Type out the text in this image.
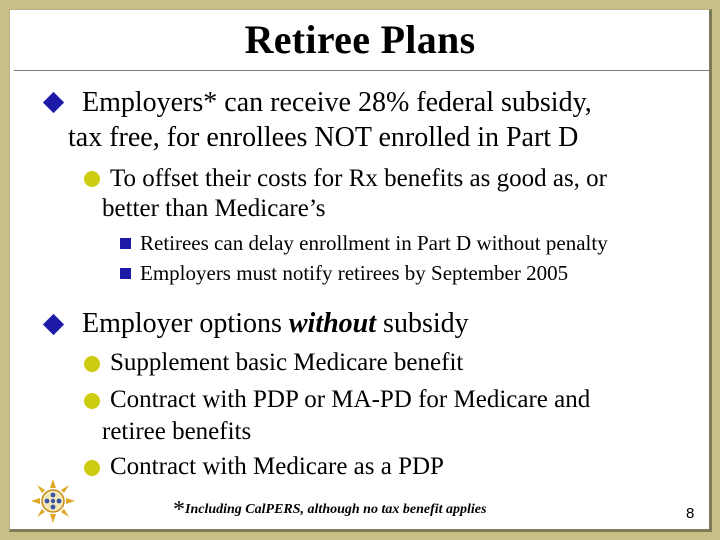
Retiree Plans
Employers* can receive 28% federal subsidy,
tax free, for enrollees NOT enrolled in Part D
To offset their costs for Rx benefits as good as, or
better than Medicare’s
Retirees can delay enrollment in Part D without penalty
Employers must notify retirees by September 2005
Employer options without subsidy
Supplement basic Medicare benefit
Contract with PDP or MA-PD for Medicare and
retiree benefits
Contract with Medicare as a PDP
*Including CalPERS, although no tax benefit applies	8
